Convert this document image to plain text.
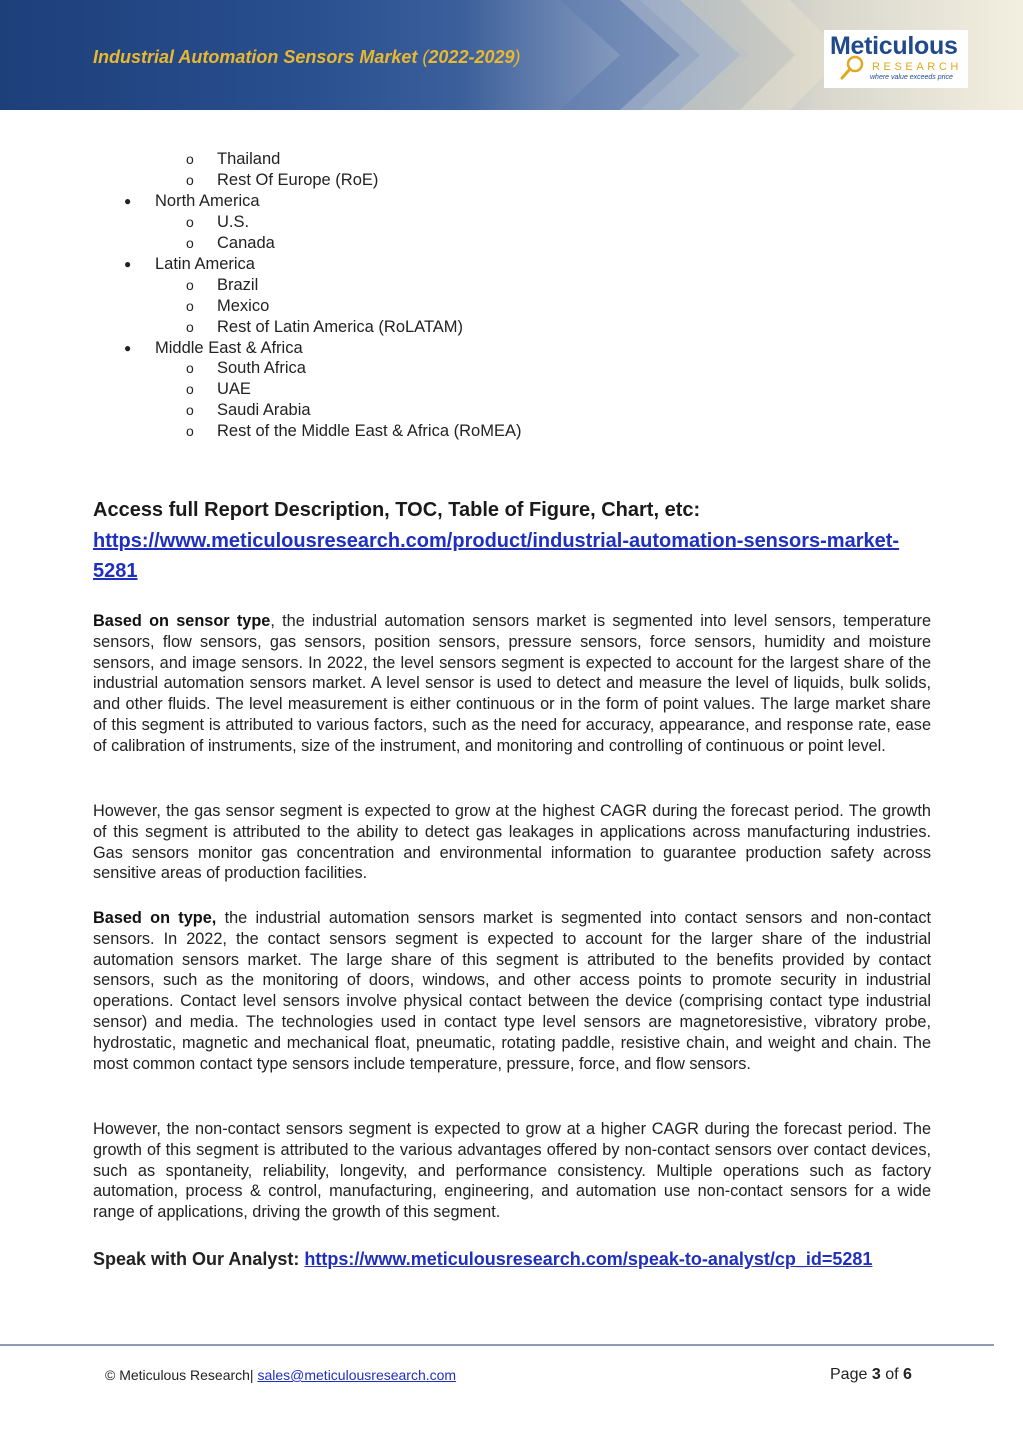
Industrial Automation Sensors Market (2022-2029)	Meticulous
RESEARCH
where value exceeds price
o Thailand
o Rest Of Europe (RoE)
● North America
o U.S.
o Canada
● Latin America
o Brazil
o Mexico
o Rest of Latin America (RoLATAM)
● Middle East & Africa
o South Africa
o UAE
o Saudi Arabia
o Rest of the Middle East & Africa (RoMEA)
Access full Report Description, TOC, Table of Figure, Chart, etc:
https://www.meticulousresearch.com/product/industrial-automation-sensors-market-5281

Based on sensor type, the industrial automation sensors market is segmented into level sensors, temperature sensors, flow sensors, gas sensors, position sensors, pressure sensors, force sensors, humidity and moisture sensors, and image sensors. In 2022, the level sensors segment is expected to account for the largest share of the industrial automation sensors market. A level sensor is used to detect and measure the level of liquids, bulk solids, and other fluids. The level measurement is either continuous or in the form of point values. The large market share of this segment is attributed to various factors, such as the need for accuracy, appearance, and response rate, ease of calibration of instruments, size of the instrument, and monitoring and controlling of continuous or point level.

However, the gas sensor segment is expected to grow at the highest CAGR during the forecast period. The growth of this segment is attributed to the ability to detect gas leakages in applications across manufacturing industries. Gas sensors monitor gas concentration and environmental information to guarantee production safety across sensitive areas of production facilities.

Based on type, the industrial automation sensors market is segmented into contact sensors and non-contact sensors. In 2022, the contact sensors segment is expected to account for the larger share of the industrial automation sensors market. The large share of this segment is attributed to the benefits provided by contact sensors, such as the monitoring of doors, windows, and other access points to promote security in industrial operations. Contact level sensors involve physical contact between the device (comprising contact type industrial sensor) and media. The technologies used in contact type level sensors are magnetoresistive, vibratory probe, hydrostatic, magnetic and mechanical float, pneumatic, rotating paddle, resistive chain, and weight and chain. The most common contact type sensors include temperature, pressure, force, and flow sensors.

However, the non-contact sensors segment is expected to grow at a higher CAGR during the forecast period. The growth of this segment is attributed to the various advantages offered by non-contact sensors over contact devices, such as spontaneity, reliability, longevity, and performance consistency. Multiple operations such as factory automation, process & control, manufacturing, engineering, and automation use non-contact sensors for a wide range of applications, driving the growth of this segment.

Speak with Our Analyst: https://www.meticulousresearch.com/speak-to-analyst/cp_id=5281
© Meticulous Research| sales@meticulousresearch.com	Page 3 of 6
